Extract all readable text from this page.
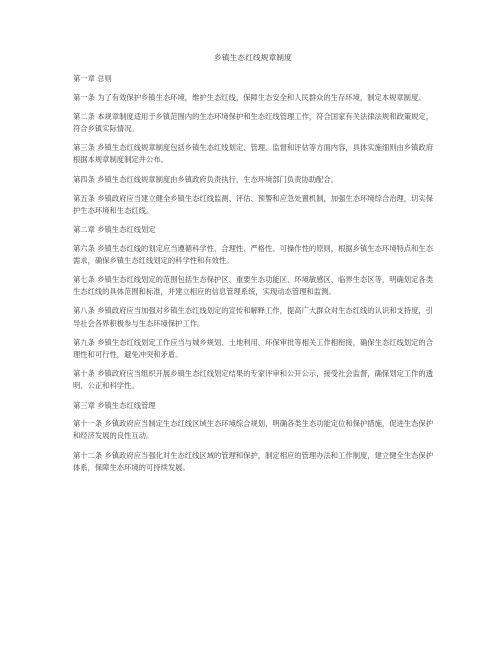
乡镇生态红线规章制度
第一章 总则
第一条 为了有效保护乡镇生态环境，维护生态红线，保障生态安全和人民群众的生存环境，制定本规章制度。
第二条 本规章制度适用于乡镇范围内的生态环境保护和生态红线管理工作，符合国家有关法律法规和政策规定，符合乡镇实际情况。
第三条 乡镇生态红线规章制度包括乡镇生态红线划定、管理、监督和评估等方面内容，具体实施细则由乡镇政府根据本规章制度制定并公布。
第四条 乡镇生态红线规章制度由乡镇政府负责执行，生态环境部门负责协助配合。
第五条 乡镇政府应当建立健全乡镇生态红线监测、评估、预警和应急处置机制，加强生态环境综合治理，切实保护生态环境和生态红线。
第二章 乡镇生态红线划定
第六条 乡镇生态红线的划定应当遵循科学性、合理性、严格性、可操作性的原则，根据乡镇生态环境特点和生态需求，确保乡镇生态红线划定的科学性和有效性。
第七条 乡镇生态红线划定的范围包括生态保护区、重要生态功能区、环境敏感区、临界生态区等，明确划定各类生态红线的具体范围和标准，并建立相应的信息管理系统，实现动态管理和监测。
第八条 乡镇政府应当加强对乡镇生态红线划定的宣传和解释工作，提高广大群众对生态红线的认识和支持度，引导社会各界积极参与生态环境保护工作。
第九条 乡镇生态红线划定工作应当与城乡规划、土地利用、环保审批等相关工作相衔接，确保生态红线划定的合理性和可行性，避免冲突和矛盾。
第十条 乡镇政府应当组织开展乡镇生态红线划定结果的专家评审和公开公示，接受社会监督，确保划定工作的透明、公正和科学性。
第三章 乡镇生态红线管理
第十一条 乡镇政府应当制定生态红线区域生态环境综合规划，明确各类生态功能定位和保护措施，促进生态保护和经济发展的良性互动。
第十二条 乡镇政府应当强化对生态红线区域的管理和保护，制定相应的管理办法和工作制度，建立健全生态保护体系，保障生态环境的可持续发展。
